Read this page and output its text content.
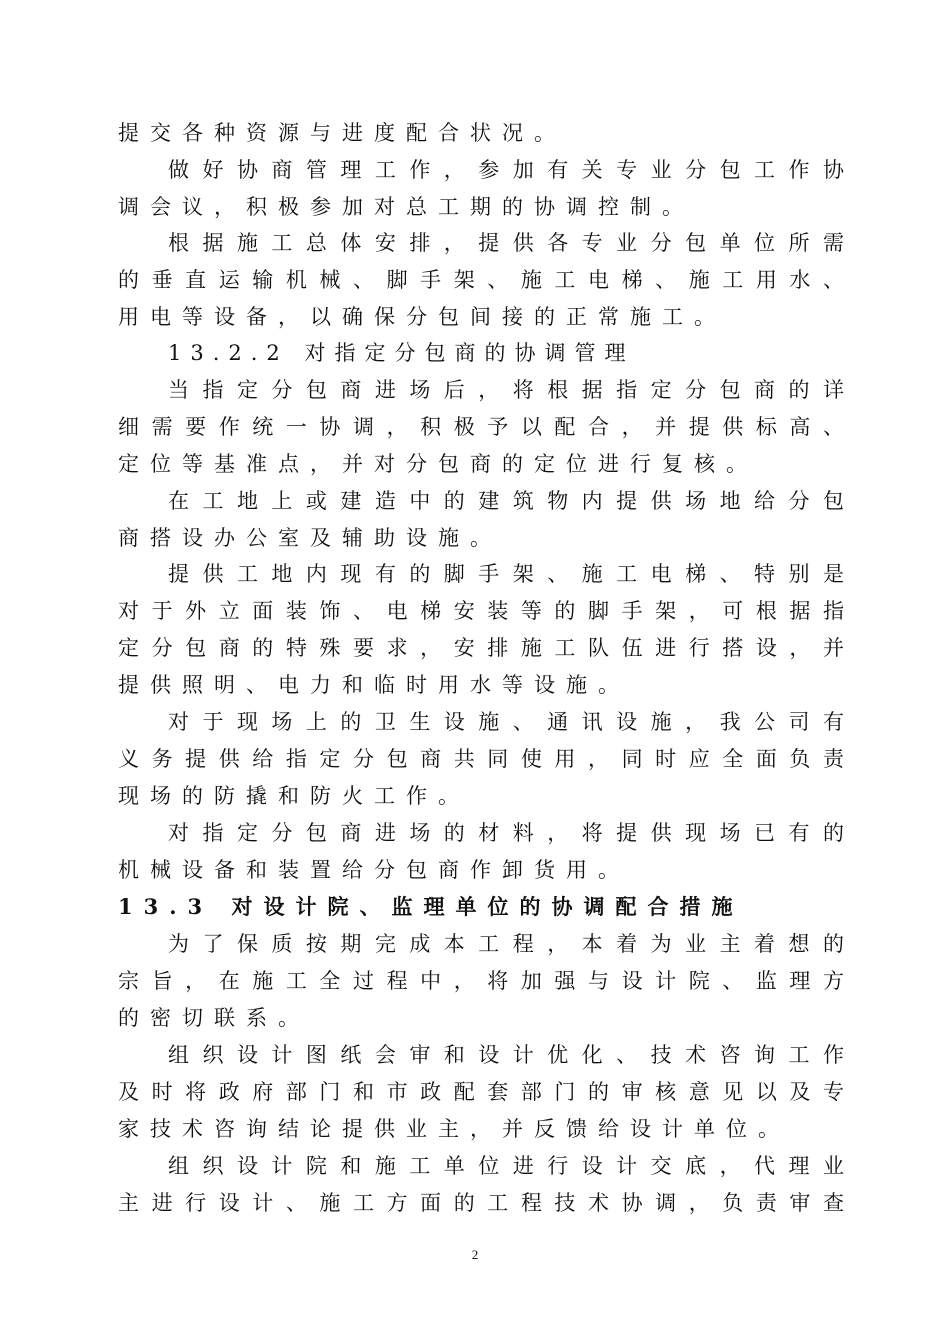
提交各种资源与进度配合状况。
做好协商管理工作，参加有关专业分包工作协
调会议，积极参加对总工期的协调控制。
根据施工总体安排，提供各专业分包单位所需
的垂直运输机械、脚手架、施工电梯、施工用水、
用电等设备，以确保分包间接的正常施工。
13.2.2 对指定分包商的协调管理
当指定分包商进场后，将根据指定分包商的详
细需要作统一协调，积极予以配合，并提供标高、
定位等基准点，并对分包商的定位进行复核。
在工地上或建造中的建筑物内提供场地给分包
商搭设办公室及辅助设施。
提供工地内现有的脚手架、施工电梯、特别是
对于外立面装饰、电梯安装等的脚手架，可根据指
定分包商的特殊要求，安排施工队伍进行搭设，并
提供照明、电力和临时用水等设施。
对于现场上的卫生设施、通讯设施，我公司有
义务提供给指定分包商共同使用，同时应全面负责
现场的防撬和防火工作。
对指定分包商进场的材料，将提供现场已有的
机械设备和装置给分包商作卸货用。
13.3 对设计院、监理单位的协调配合措施
为了保质按期完成本工程，本着为业主着想的
宗旨，在施工全过程中，将加强与设计院、监理方
的密切联系。
组织设计图纸会审和设计优化、技术咨询工作
及时将政府部门和市政配套部门的审核意见以及专
家技术咨询结论提供业主，并反馈给设计单位。
组织设计院和施工单位进行设计交底，代理业
主进行设计、施工方面的工程技术协调，负责审查
2
